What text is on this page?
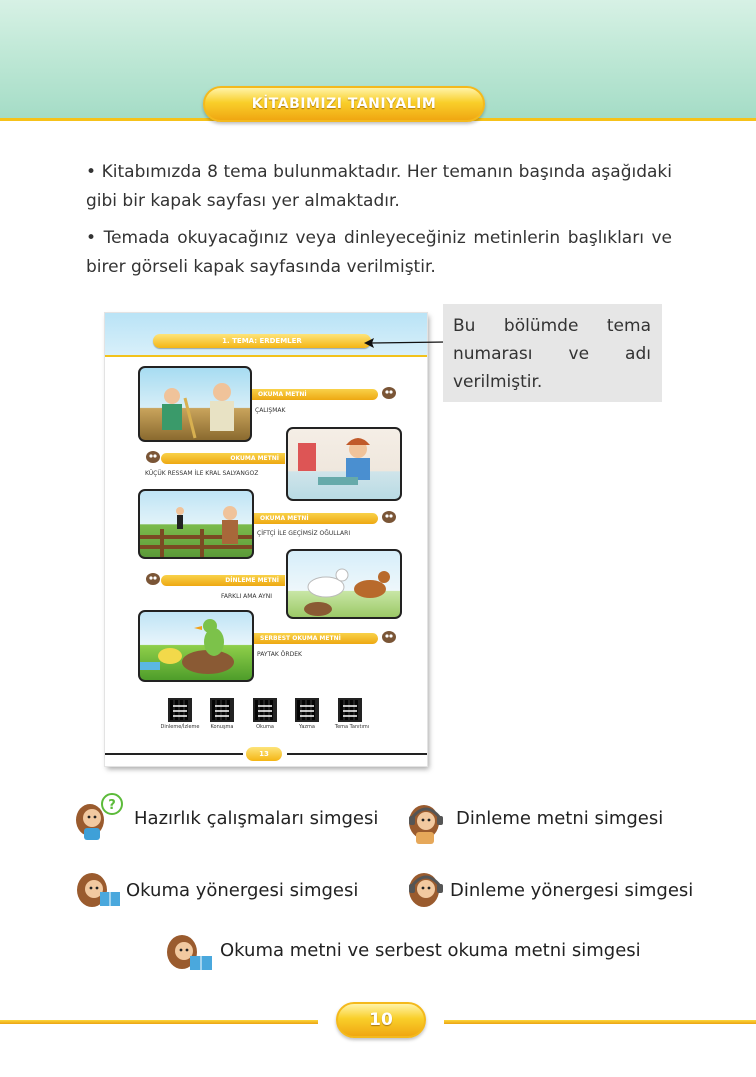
KİTABIMIZI TANIYALIM

• Kitabımızda 8 tema bulunmaktadır. Her temanın başında aşağıdaki gibi bir kapak sayfası yer almaktadır.

• Temada okuyacağınız veya dinleyeceğiniz metinlerin başlıkları ve birer görseli kapak sayfasında verilmiştir.

1. TEMA: ERDEMLER
OKUMA METNİ
ÇALIŞMAK
OKUMA METNİ
KÜÇÜK RESSAM İLE KRAL SALYANGOZ
OKUMA METNİ
ÇİFTÇİ İLE GEÇİMSİZ OĞULLARI
DİNLEME METNİ
FARKLI AMA AYNI
SERBEST OKUMA METNİ
PAYTAK ÖRDEK
Dinleme/İzleme	Konuşma	Okuma	Yazma	Tema Tanıtımı
13

Bu bölümde tema numarası ve adı verilmiştir.

?
Hazırlık çalışmaları simgesi	Dinleme metni simgesi
Okuma yönergesi simgesi	Dinleme yönergesi simgesi
Okuma metni ve serbest okuma metni simgesi
10
